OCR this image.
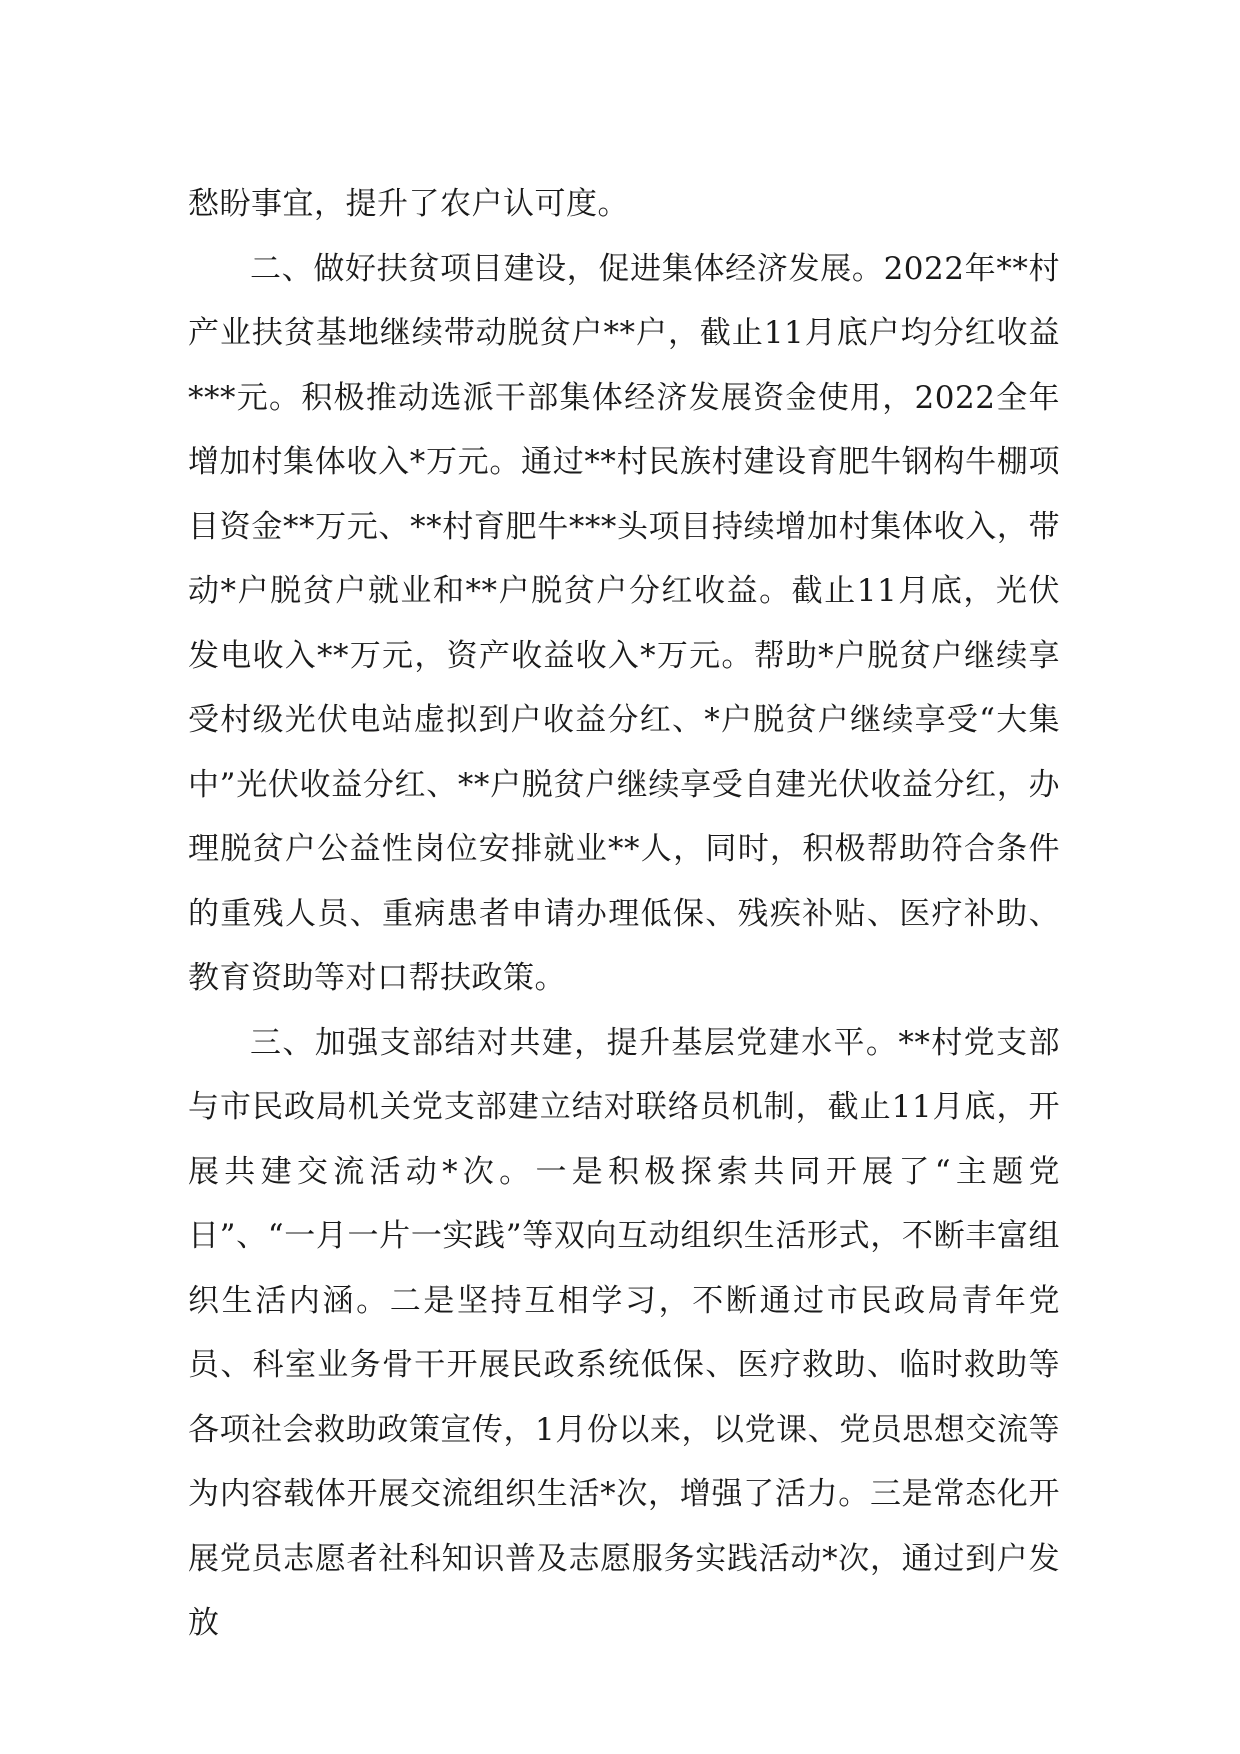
愁盼事宜，提升了农户认可度。

二、做好扶贫项目建设，促进集体经济发展。2022年**村产业扶贫基地继续带动脱贫户**户，截止11月底户均分红收益***元。积极推动选派干部集体经济发展资金使用，2022全年增加村集体收入*万元。通过**村民族村建设育肥牛钢构牛棚项目资金**万元、**村育肥牛***头项目持续增加村集体收入，带动*户脱贫户就业和**户脱贫户分红收益。截止11月底，光伏发电收入**万元，资产收益收入*万元。帮助*户脱贫户继续享受村级光伏电站虚拟到户收益分红、*户脱贫户继续享受“大集中”光伏收益分红、**户脱贫户继续享受自建光伏收益分红，办理脱贫户公益性岗位安排就业**人，同时，积极帮助符合条件的重残人员、重病患者申请办理低保、残疾补贴、医疗补助、教育资助等对口帮扶政策。

三、加强支部结对共建，提升基层党建水平。**村党支部与市民政局机关党支部建立结对联络员机制，截止11月底，开展共建交流活动*次。一是积极探索共同开展了“主题党日”、“一月一片一实践”等双向互动组织生活形式，不断丰富组织生活内涵。二是坚持互相学习，不断通过市民政局青年党员、科室业务骨干开展民政系统低保、医疗救助、临时救助等各项社会救助政策宣传，1月份以来，以党课、党员思想交流等为内容载体开展交流组织生活*次，增强了活力。三是常态化开展党员志愿者社科知识普及志愿服务实践活动*次，通过到户发放
